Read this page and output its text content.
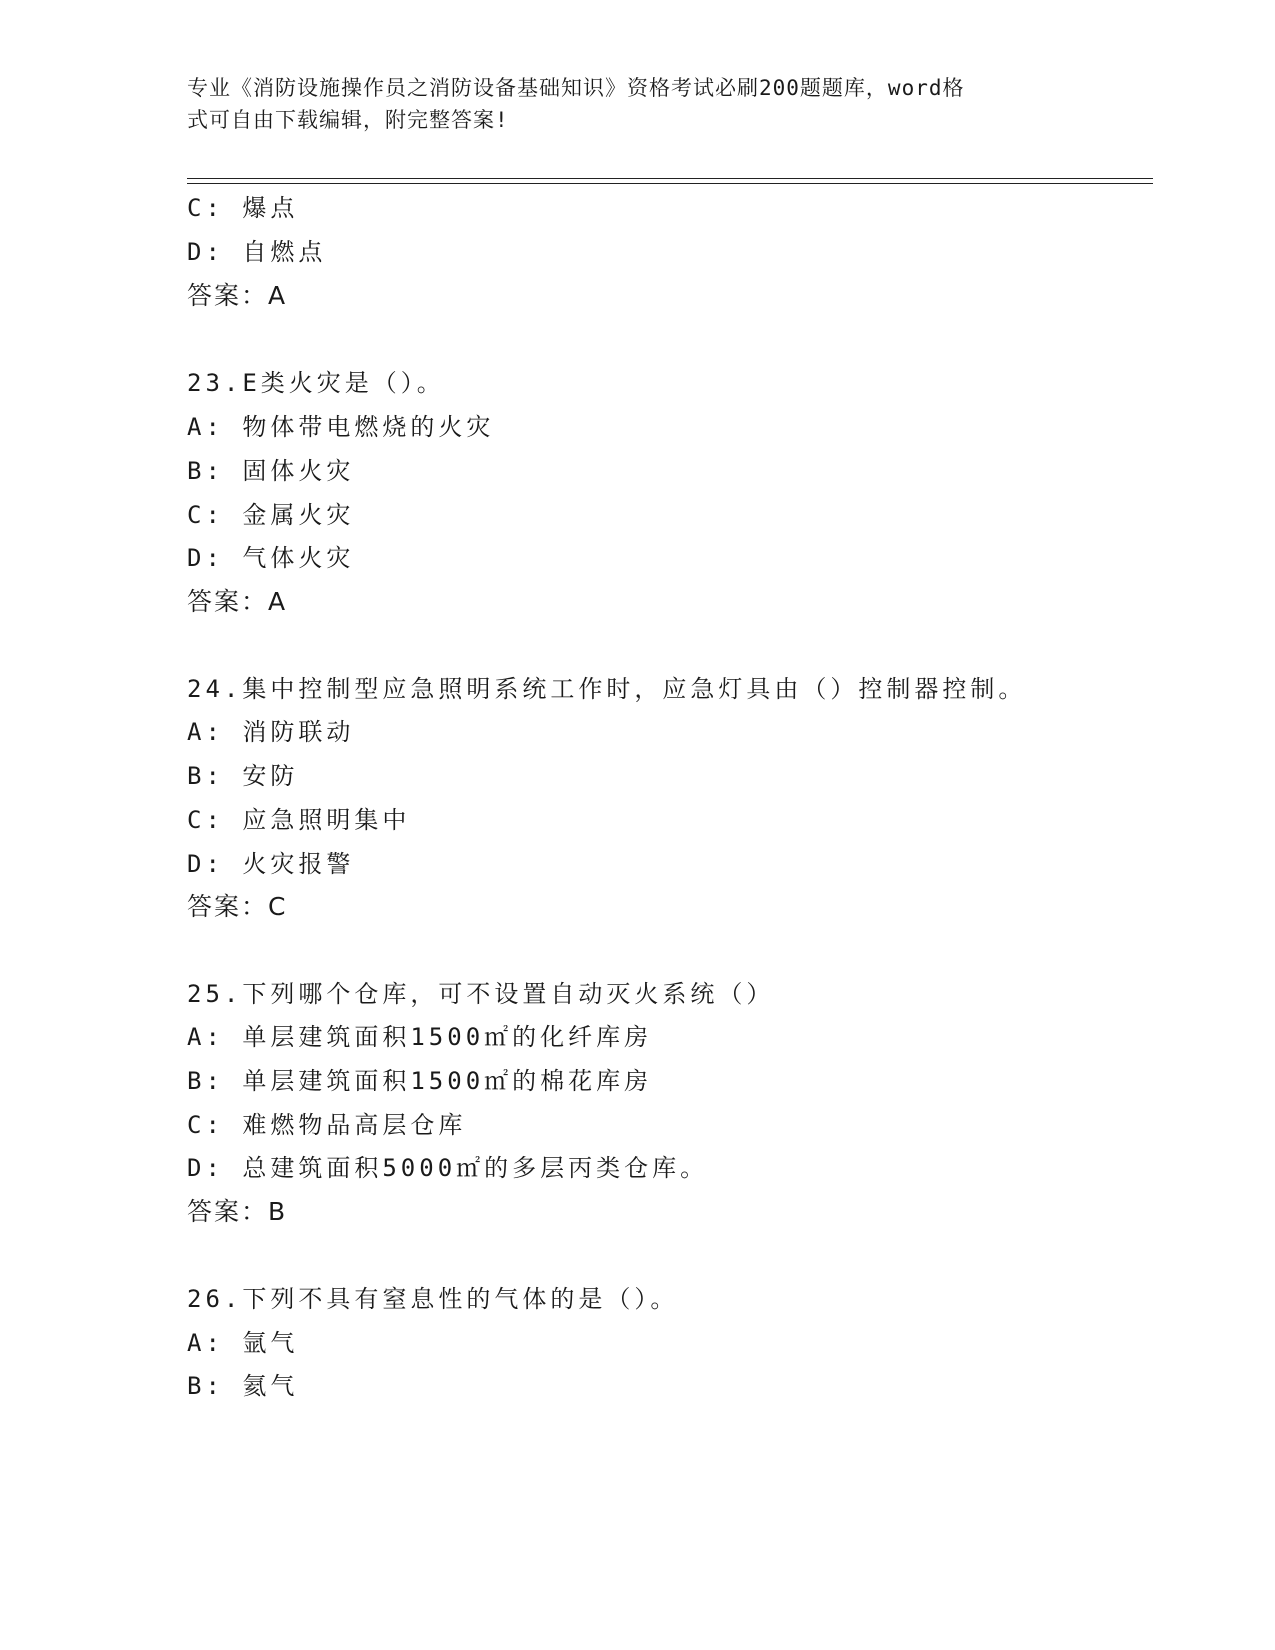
专业《消防设施操作员之消防设备基础知识》资格考试必刷200题题库，word格
式可自由下载编辑，附完整答案!
C: 爆点
D: 自燃点
答案：A
23.E类火灾是（）。
A: 物体带电燃烧的火灾
B: 固体火灾
C: 金属火灾
D: 气体火灾
答案：A
24.集中控制型应急照明系统工作时，应急灯具由（）控制器控制。
A: 消防联动
B: 安防
C: 应急照明集中
D: 火灾报警
答案：C
25.下列哪个仓库，可不设置自动灭火系统（）
A: 单层建筑面积1500㎡的化纤库房
B: 单层建筑面积1500㎡的棉花库房
C: 难燃物品高层仓库
D: 总建筑面积5000㎡的多层丙类仓库。
答案：B
26.下列不具有窒息性的气体的是（）。
A: 氩气
B: 氦气
